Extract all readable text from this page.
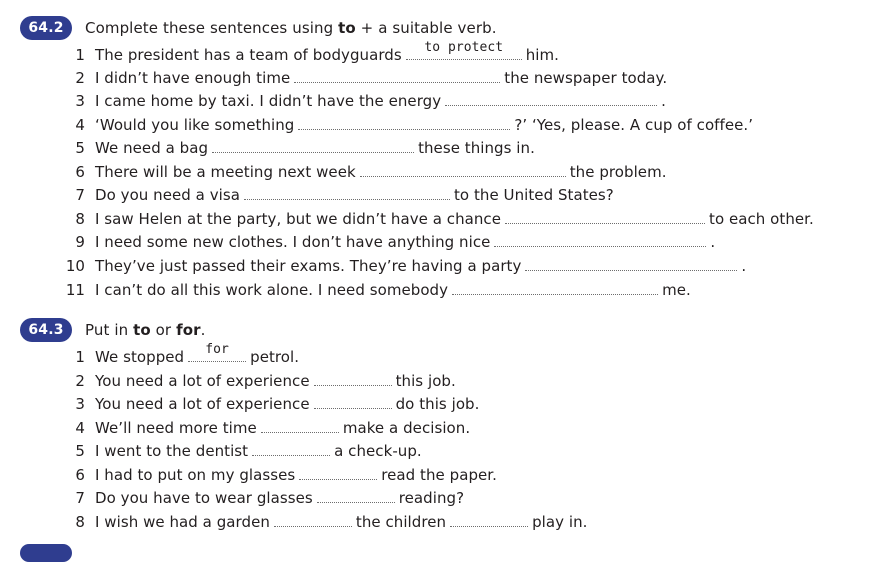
64.2	Complete these sentences using to + a suitable verb.
1 The president has a team of bodyguards	to protect	him.
2 I didn’t have enough time	the newspaper today.
3 I came home by taxi. I didn’t have the energy	.
4 ‘Would you like something	?’ ‘Yes, please. A cup of coffee.’
5 We need a bag	these things in.
6 There will be a meeting next week	the problem.
7 Do you need a visa	to the United States?
8 I saw Helen at the party, but we didn’t have a chance	to each other.
9 I need some new clothes. I don’t have anything nice	.
10 They’ve just passed their exams. They’re having a party	.
11 I can’t do all this work alone. I need somebody	me.
64.3	Put in to or for.
1 We stopped	for	petrol.
2 You need a lot of experience	this job.
3 You need a lot of experience	do this job.
4 We’ll need more time	make a decision.
5 I went to the dentist	a check-up.
6 I had to put on my glasses	read the paper.
7 Do you have to wear glasses	reading?
8 I wish we had a garden	the children	play in.
